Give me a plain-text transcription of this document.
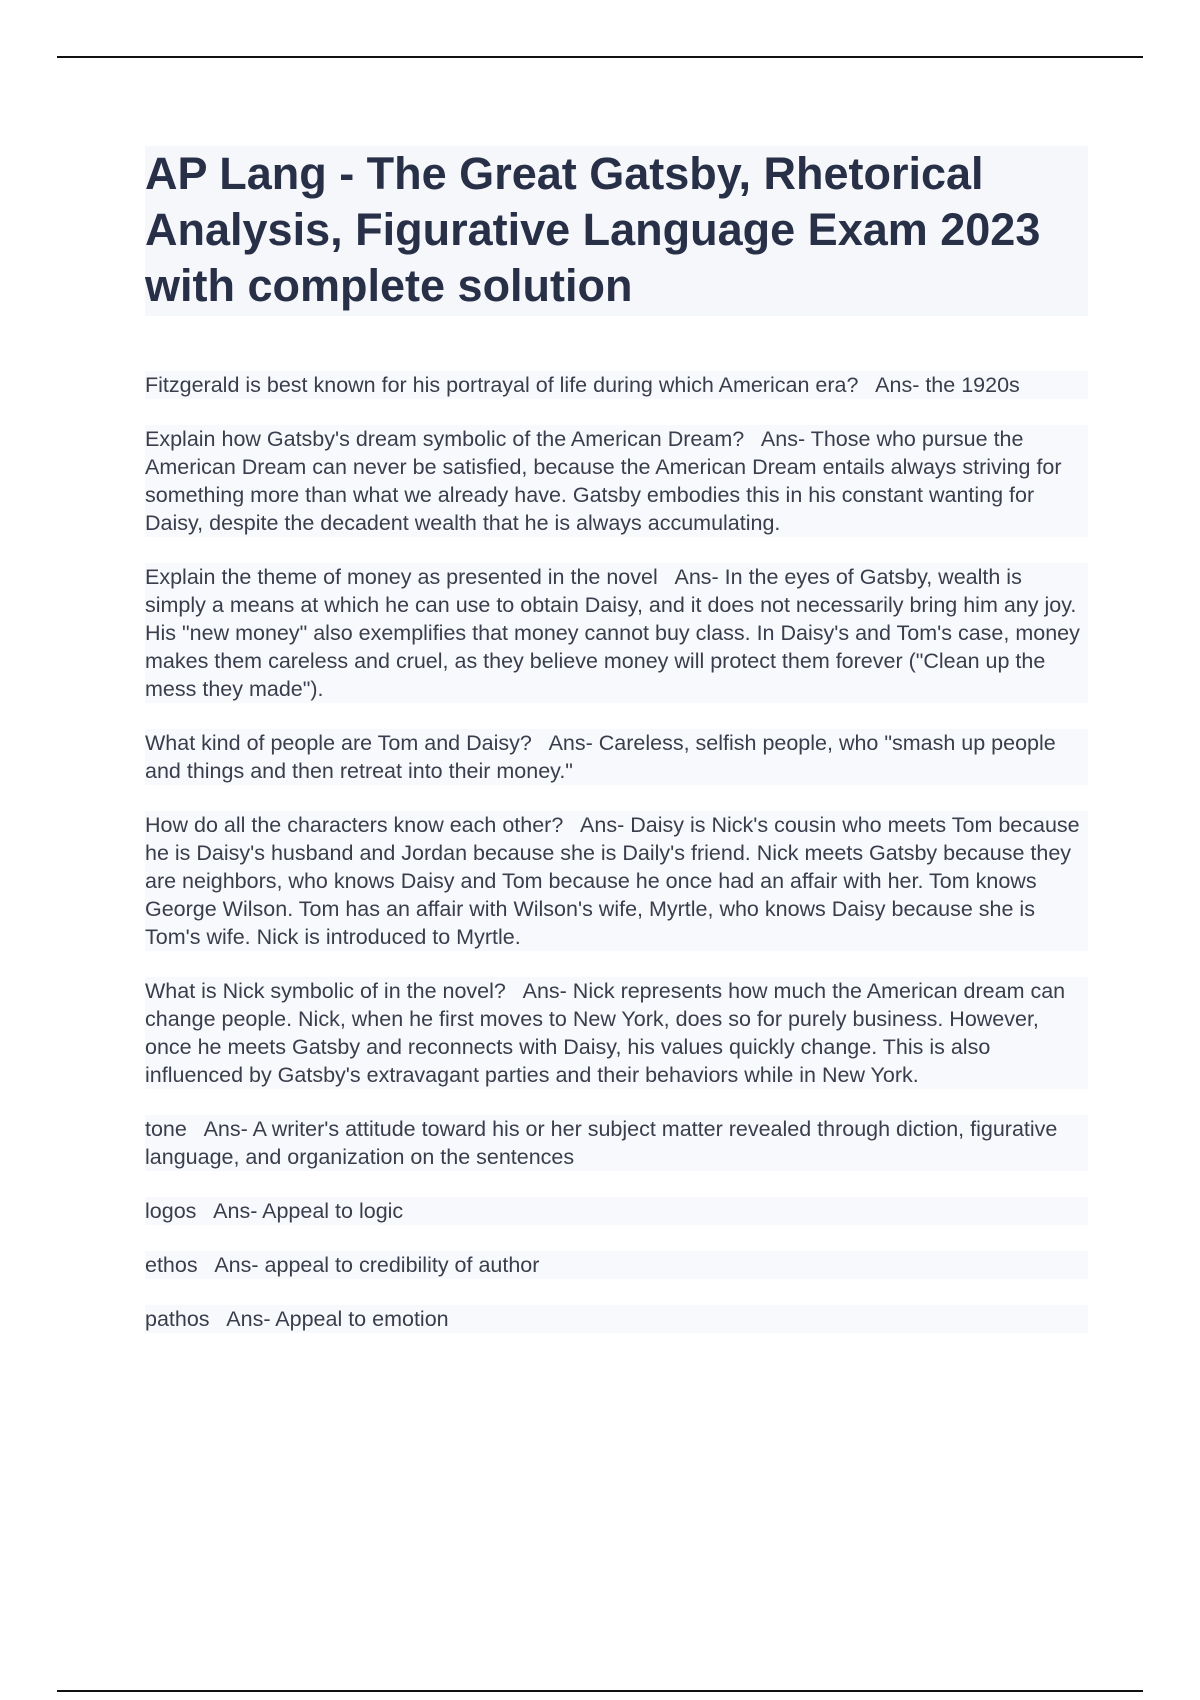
AP Lang - The Great Gatsby, Rhetorical Analysis, Figurative Language Exam 2023 with complete solution

Fitzgerald is best known for his portrayal of life during which American era? Ans- the 1920s

Explain how Gatsby's dream symbolic of the American Dream? Ans- Those who pursue the American Dream can never be satisfied, because the American Dream entails always striving for something more than what we already have. Gatsby embodies this in his constant wanting for Daisy, despite the decadent wealth that he is always accumulating.

Explain the theme of money as presented in the novel Ans- In the eyes of Gatsby, wealth is simply a means at which he can use to obtain Daisy, and it does not necessarily bring him any joy. His "new money" also exemplifies that money cannot buy class. In Daisy's and Tom's case, money makes them careless and cruel, as they believe money will protect them forever ("Clean up the mess they made").

What kind of people are Tom and Daisy? Ans- Careless, selfish people, who "smash up people and things and then retreat into their money."

How do all the characters know each other? Ans- Daisy is Nick's cousin who meets Tom because he is Daisy's husband and Jordan because she is Daily's friend. Nick meets Gatsby because they are neighbors, who knows Daisy and Tom because he once had an affair with her. Tom knows George Wilson. Tom has an affair with Wilson's wife, Myrtle, who knows Daisy because she is Tom's wife. Nick is introduced to Myrtle.

What is Nick symbolic of in the novel? Ans- Nick represents how much the American dream can change people. Nick, when he first moves to New York, does so for purely business. However, once he meets Gatsby and reconnects with Daisy, his values quickly change. This is also influenced by Gatsby's extravagant parties and their behaviors while in New York.

tone Ans- A writer's attitude toward his or her subject matter revealed through diction, figurative language, and organization on the sentences

logos Ans- Appeal to logic

ethos Ans- appeal to credibility of author

pathos Ans- Appeal to emotion
